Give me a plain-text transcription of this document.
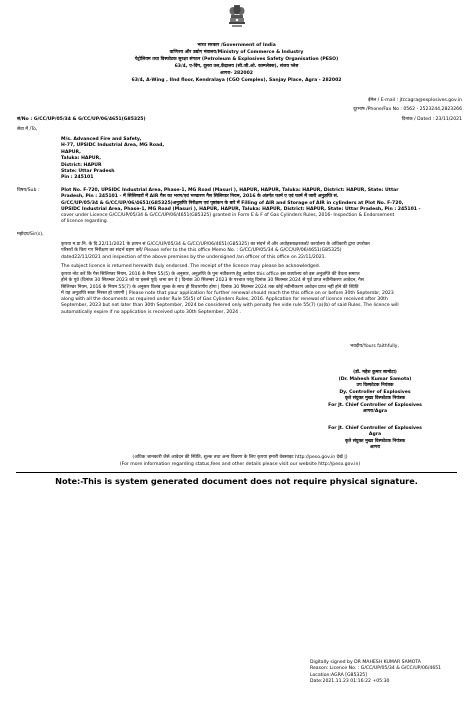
भारत सरकार /Government of India
वाणिज्य और उद्योग मंत्रालय/Ministry of Commerce & Industry
पेट्रोलियम तथा विस्फोटक सुरक्षा संगठन (Petroleum & Explosives Safety Organisation (PESO)
63/4, ए-विंग, दूसरा तल,केंद्रालय (सी.जी.ओ. काम्प्लेक्स), संजय प्लेस
आगरा- 282002
63/4, A-Wing , IInd floor, Kendralaya (CGO Complex), Sanjay Place, Agra - 282002
ईमेल / E-mail : jtccagra@explosives.gov.in
दूरभाष /Phone/Fax No : 0562 - 2523244,2823266
सं/No : G/CC/UP/05/34 & G/CC/UP/06/4651(G85325)	दिनांक / Dated : 23/11/2021
सेवा में /To,
M/s. Advanced Fire and Safety,
H-77, UPSIDC Industrial Area, MG Road,
HAPUR,
Taluka: HAPUR,
District: HAPUR
State: Uttar Pradesh
Pin : 245101
विषय/Sub :	Plot No. F-720, UPSIDC Industrial Area, Phase-1, MG Road (Masuri ), HAPUR, HAPUR, Taluka: HAPUR, District: HAPUR, State: Uttar
Pradesh, Pin : 245101 - में सिलिण्डरों में AIR गैस का भरण/एवं भण्डारण गैस सिलिण्डर नियम, 2016 के अंतर्गत फार्म ए एवं फार्म में जारी अनुज्ञप्ति सं.
G/CC/UP/05/34 & G/CC/UP/06/4651(G85325)अनुज्ञप्ति निरीक्षण एवं पृष्ठांकन के बारे में Filling of AIR and Storage of AIR in cylinders at Plot No. F-720,
UPSIDC Industrial Area, Phase-1, MG Road (Masuri ), HAPUR, HAPUR, Taluka: HAPUR, District: HAPUR, State: Uttar Pradesh, Pin : 245101 -
cover under Licence G/CC/UP/05/34 & G/CC/UP/06/4651(G85325) granted in Form E & F of Gas Cylinders Rules, 2016- Inspection & Endorsement
of licence regarding.
महोदय/Sir(s),
कृपया म.प्रा.नि. के दि.22/11/2021 के ज्ञापन सं G/CC/UP/05/34 & G/CC/UP/06/4651(G85325) का संदर्भ लें और अधोहस्ताक्षरकर्ता/ कार्यालय के अधिकारी द्वारा उपरोक्त
परिसरों के किए गए निरीक्षण का संदर्भ ग्रहण करें/ Please refer to the this office Memo No. : G/CC/UP/05/34 & G/CC/UP/06/4651(G85325)
dated22/11/2021 and inspection of the above premises by the undersigned /an officer of this office on 22/11/2021.
The subject licence is returned herewith duly endorsed. The receipt of the licence may please be acknowledged.
कृपया नोट करें कि गैस सिलिण्डर नियम, 2016 के नियम 55(5) के अनुसार, अनुज्ञप्ति के पुनः नवीकरण हेतु आवेदन this office इस कार्यालय को इस अनुज्ञप्ति की वैधता समाप्त
होने के पूर्व (दिनांक 30 सितम्बर 2023 को या इससे पूर्व) जमा कर दें | दिनांक 30 सितम्बर 2023 के पश्चात परंतु दिनांक 30 सितम्बर 2024 से पूर्व प्राप्त नवीनीकरण आवेदन, गैस
सिलिण्डर नियम, 2016 के नियम 55(7) के अनुसार विलंब शुल्क के साथ ही विचारणीय होगा | दिनांक 30 सितम्बर 2024 तक कोई नवीनीकरण आवेदन प्राप्त नहीं होने की स्थिति
में यह अनुज्ञप्ति स्वतः निरस्त हो जाएगी | Please note that your application for further renewal should reach the this office on or before 30th Septembr, 2023
along with all the documents as required under Rule 55(5) of Gas Cylinders Rules, 2016. Application for renewal of licence received after 30th
September, 2023 but not later than 30th September, 2024 be considered only with penalty fee vide rule 55(7) (a)(b) of said Rules. The licence will
automatically expire if no application is received upto 30th September, 2024 .
भवदीय/Yours faithfully,
(डॉ. महेश कुमार सामोटा)
(Dr. Mahesh Kumar Samota)
उप विस्फोटक नियंत्रक
Dy. Controller of Explosives
कृते संयुक्त मुख्य विस्फोटक नियंत्रक
For Jt. Chief Controller of Explosives
आगरा/Agra
For Jt. Chief Controller of Explosives
Agra
कृते संयुक्त मुख्य विस्फोटक नियंत्रक
आगरा
(अधिक जानकारी जैसे आवेदन की स्थिति, शुल्क तथा अन्य विवरण के लिए कृपया हमारी वेबसाइट http://peso.gov.in देखें |)
(For more information regarding status,fees and other details please visit our website http://peso.gov.in)
Note:-This is system generated document does not require physical signature.
Digitally signed by DR MAHESH KUMAR SAMOTA
Reason: Licence No. : G/CC/UP/05/34 & G/CC/UP/06/4651
Location:AGRA [G85325]
Date:2021.11.23 01:16:22 +05:30
